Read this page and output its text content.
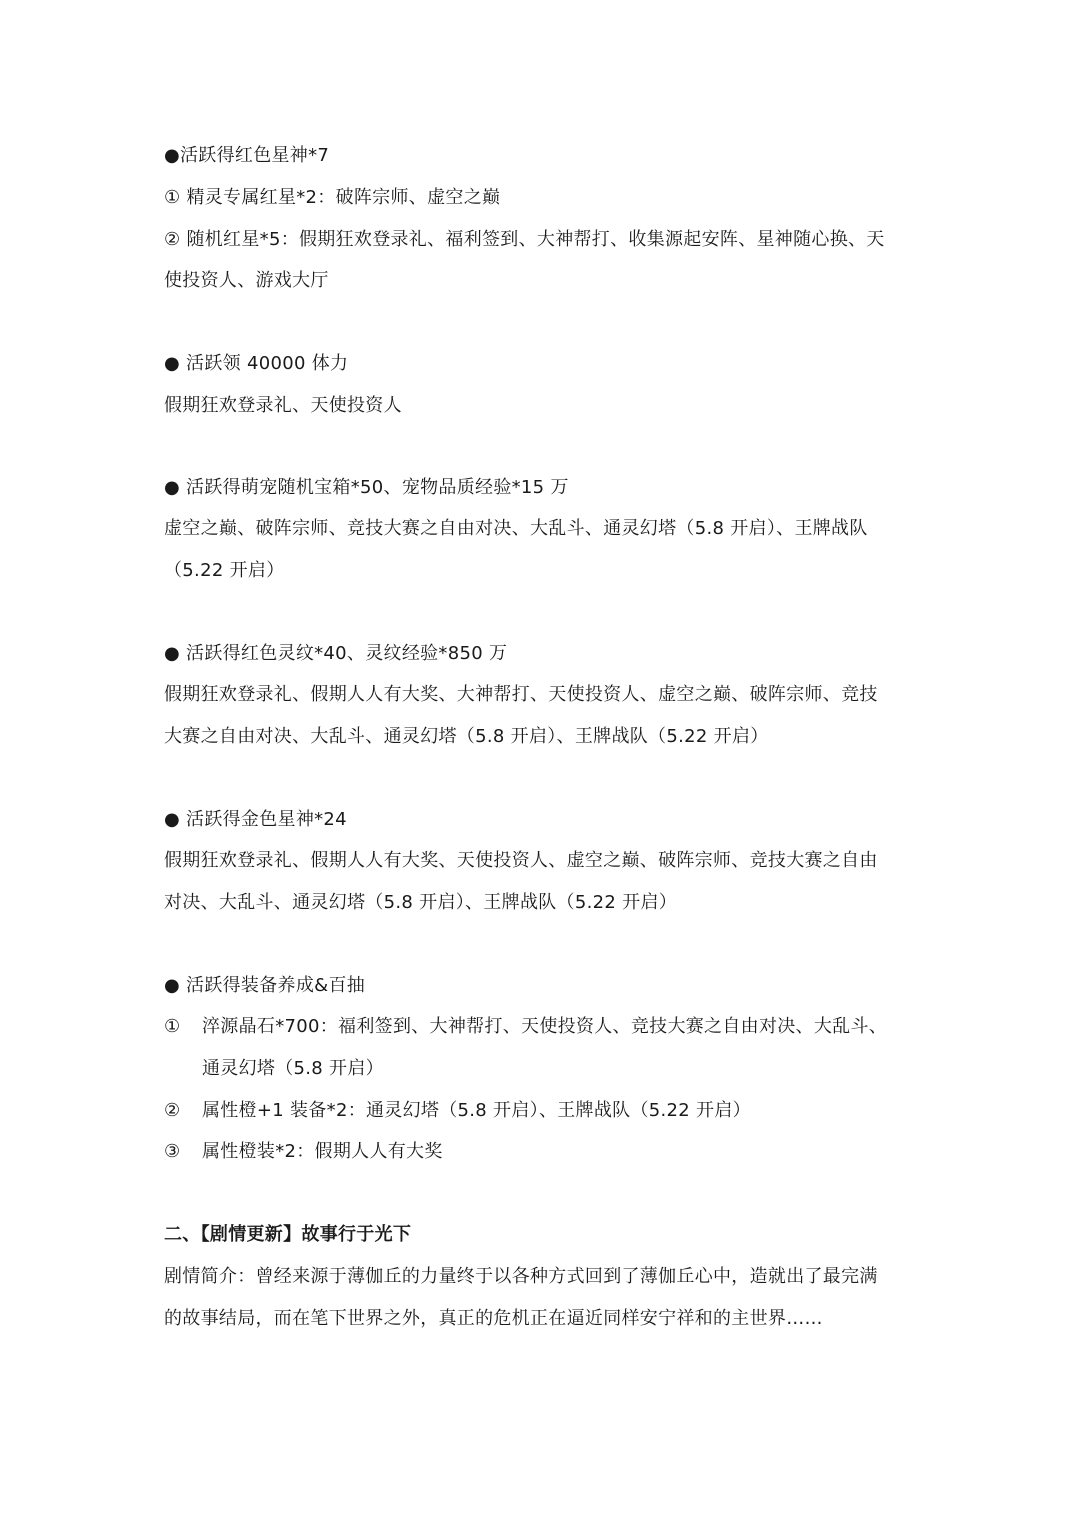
●活跃得红色星神*7
① 精灵专属红星*2：破阵宗师、虚空之巅
② 随机红星*5：假期狂欢登录礼、福利签到、大神帮打、收集源起安阵、星神随心换、天
使投资人、游戏大厅
● 活跃领 40000 体力
假期狂欢登录礼、天使投资人
● 活跃得萌宠随机宝箱*50、宠物品质经验*15 万
虚空之巅、破阵宗师、竞技大赛之自由对决、大乱斗、通灵幻塔（5.8 开启）、王牌战队
（5.22 开启）
● 活跃得红色灵纹*40、灵纹经验*850 万
假期狂欢登录礼、假期人人有大奖、大神帮打、天使投资人、虚空之巅、破阵宗师、竞技
大赛之自由对决、大乱斗、通灵幻塔（5.8 开启）、王牌战队（5.22 开启）
● 活跃得金色星神*24
假期狂欢登录礼、假期人人有大奖、天使投资人、虚空之巅、破阵宗师、竞技大赛之自由
对决、大乱斗、通灵幻塔（5.8 开启）、王牌战队（5.22 开启）
● 活跃得装备养成&百抽
① 淬源晶石*700：福利签到、大神帮打、天使投资人、竞技大赛之自由对决、大乱斗、
通灵幻塔（5.8 开启）
② 属性橙+1 装备*2：通灵幻塔（5.8 开启）、王牌战队（5.22 开启）
③ 属性橙装*2：假期人人有大奖
二、【剧情更新】故事行于光下
剧情简介：曾经来源于薄伽丘的力量终于以各种方式回到了薄伽丘心中，造就出了最完满
的故事结局，而在笔下世界之外，真正的危机正在逼近同样安宁祥和的主世界……
